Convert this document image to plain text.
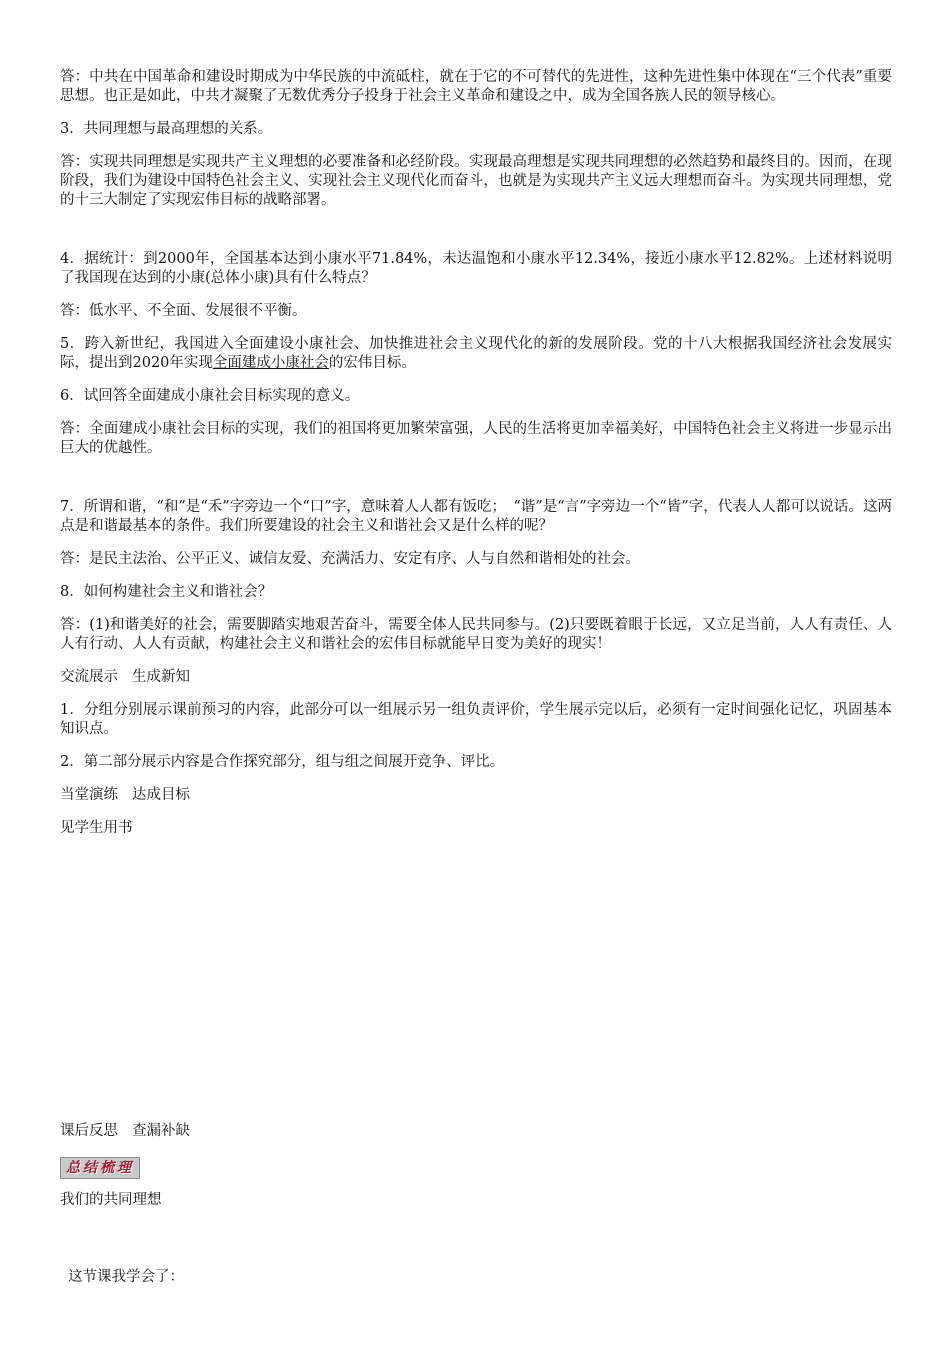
答：中共在中国革命和建设时期成为中华民族的中流砥柱，就在于它的不可替代的先进性，这种先进性集中体现在“三个代表”重要思想。也正是如此，中共才凝聚了无数优秀分子投身于社会主义革命和建设之中，成为全国各族人民的领导核心。

3．共同理想与最高理想的关系。

答：实现共同理想是实现共产主义理想的必要准备和必经阶段。实现最高理想是实现共同理想的必然趋势和最终目的。因而，在现阶段，我们为建设中国特色社会主义、实现社会主义现代化而奋斗，也就是为实现共产主义远大理想而奋斗。为实现共同理想，党的十三大制定了实现宏伟目标的战略部署。

4．据统计：到2000年，全国基本达到小康水平71.84%，未达温饱和小康水平12.34%，接近小康水平12.82%。上述材料说明了我国现在达到的小康(总体小康)具有什么特点？

答：低水平、不全面、发展很不平衡。

5．跨入新世纪，我国进入全面建设小康社会、加快推进社会主义现代化的新的发展阶段。党的十八大根据我国经济社会发展实际，提出到2020年实现全面建成小康社会的宏伟目标。

6．试回答全面建成小康社会目标实现的意义。

答：全面建成小康社会目标的实现，我们的祖国将更加繁荣富强，人民的生活将更加幸福美好，中国特色社会主义将进一步显示出巨大的优越性。

7．所谓和谐，“和”是“禾”字旁边一个“口”字，意味着人人都有饭吃；　“谐”是“言”字旁边一个“皆”字，代表人人都可以说话。这两点是和谐最基本的条件。我们所要建设的社会主义和谐社会又是什么样的呢？

答：是民主法治、公平正义、诚信友爱、充满活力、安定有序、人与自然和谐相处的社会。

8．如何构建社会主义和谐社会？

答：(1)和谐美好的社会，需要脚踏实地艰苦奋斗，需要全体人民共同参与。(2)只要既着眼于长远，又立足当前，人人有责任、人人有行动、人人有贡献，构建社会主义和谐社会的宏伟目标就能早日变为美好的现实！

交流展示 生成新知

1．分组分别展示课前预习的内容，此部分可以一组展示另一组负责评价，学生展示完以后，必须有一定时间强化记忆，巩固基本知识点。

2．第二部分展示内容是合作探究部分，组与组之间展开竞争、评比。

当堂演练 达成目标

见学生用书

课后反思 查漏补缺

总结梳理

我们的共同理想

这节课我学会了：
